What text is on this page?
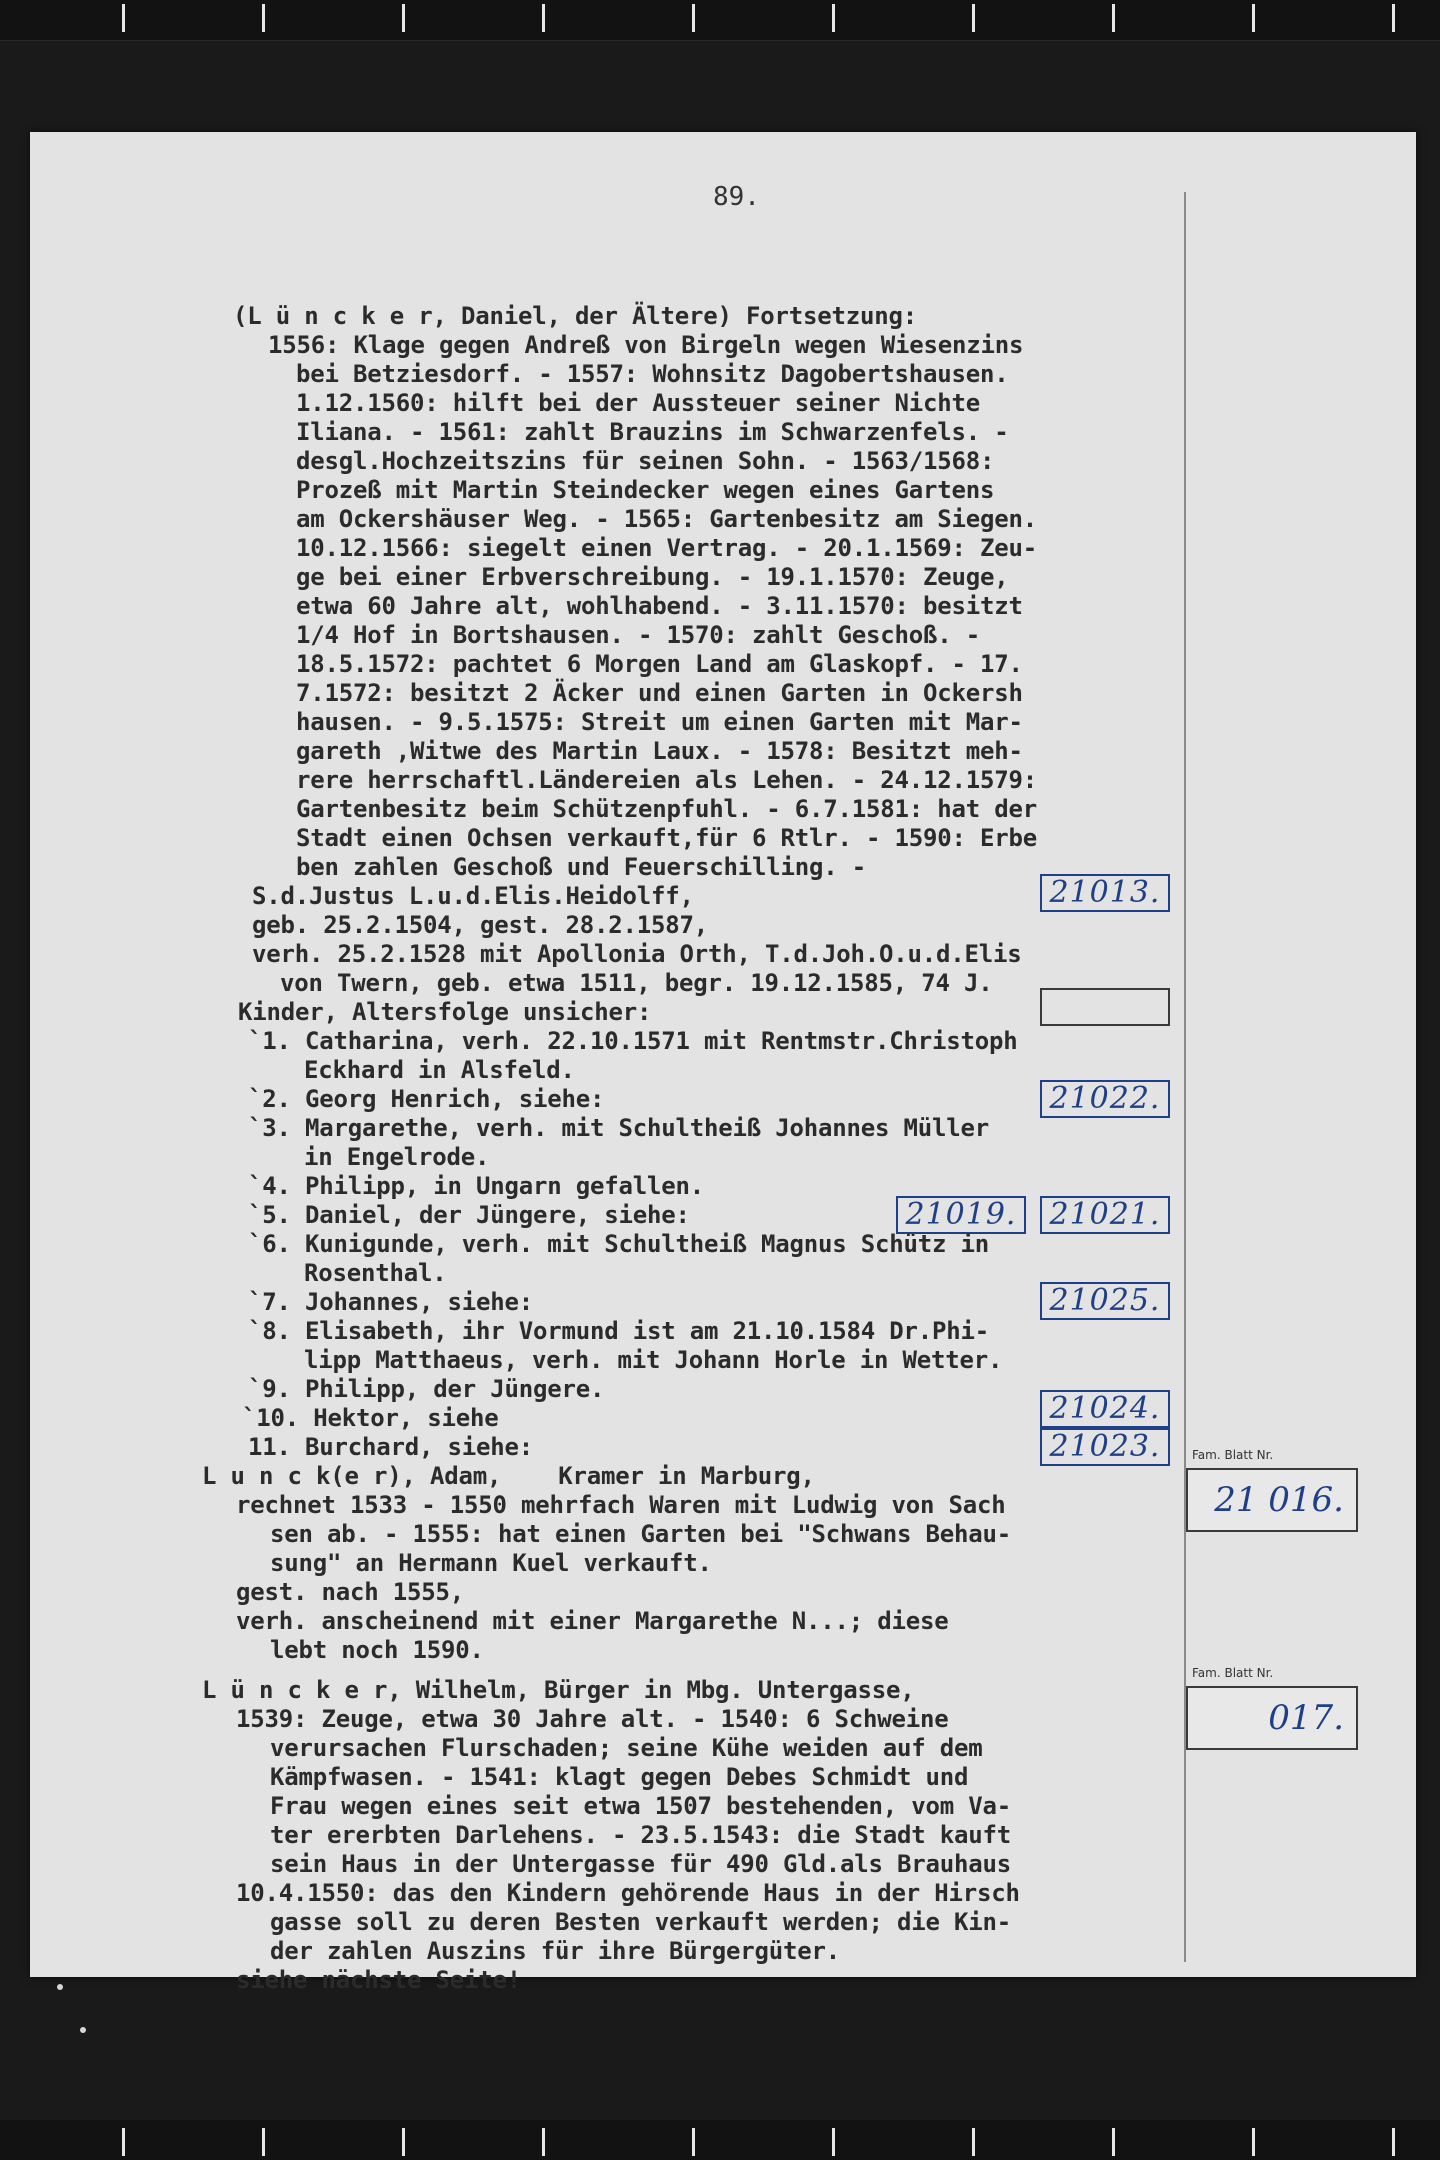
89.
(L ü n c k e r, Daniel, der Ältere) Fortsetzung:
1556: Klage gegen Andreß von Birgeln wegen Wiesenzins
bei Betziesdorf. - 1557: Wohnsitz Dagobertshausen.
1.12.1560: hilft bei der Aussteuer seiner Nichte
Iliana. - 1561: zahlt Brauzins im Schwarzenfels. -
desgl.Hochzeitszins für seinen Sohn. - 1563/1568:
Prozeß mit Martin Steindecker wegen eines Gartens
am Ockershäuser Weg. - 1565: Gartenbesitz am Siegen.
10.12.1566: siegelt einen Vertrag. - 20.1.1569: Zeu-
ge bei einer Erbverschreibung. - 19.1.1570: Zeuge,
etwa 60 Jahre alt, wohlhabend. - 3.11.1570: besitzt
1/4 Hof in Bortshausen. - 1570: zahlt Geschoß. -
18.5.1572: pachtet 6 Morgen Land am Glaskopf. - 17.
7.1572: besitzt 2 Äcker und einen Garten in Ockersh
hausen. - 9.5.1575: Streit um einen Garten mit Mar-
gareth ,Witwe des Martin Laux. - 1578: Besitzt meh-
rere herrschaftl.Ländereien als Lehen. - 24.12.1579:
Gartenbesitz beim Schützenpfuhl. - 6.7.1581: hat der
Stadt einen Ochsen verkauft,für 6 Rtlr. - 1590: Erbe
ben zahlen Geschoß und Feuerschilling. -
S.d.Justus L.u.d.Elis.Heidolff,
geb. 25.2.1504, gest. 28.2.1587,
verh. 25.2.1528 mit Apollonia Orth, T.d.Joh.O.u.d.Elis
von Twern, geb. etwa 1511, begr. 19.12.1585, 74 J.
Kinder, Altersfolge unsicher:
`1. Catharina, verh. 22.10.1571 mit Rentmstr.Christoph
Eckhard in Alsfeld.
`2. Georg Henrich, siehe:
`3. Margarethe, verh. mit Schultheiß Johannes Müller
in Engelrode.
`4. Philipp, in Ungarn gefallen.
`5. Daniel, der Jüngere, siehe:
`6. Kunigunde, verh. mit Schultheiß Magnus Schütz in
Rosenthal.
`7. Johannes, siehe:
`8. Elisabeth, ihr Vormund ist am 21.10.1584 Dr.Phi-
lipp Matthaeus, verh. mit Johann Horle in Wetter.
`9. Philipp, der Jüngere.
`10. Hektor, siehe
11. Burchard, siehe:
L u n c k(e r), Adam,    Kramer in Marburg,
rechnet 1533 - 1550 mehrfach Waren mit Ludwig von Sach
sen ab. - 1555: hat einen Garten bei "Schwans Behau-
sung" an Hermann Kuel verkauft.
gest. nach 1555,
verh. anscheinend mit einer Margarethe N...; diese
lebt noch 1590.
L ü n c k e r, Wilhelm, Bürger in Mbg. Untergasse,
1539: Zeuge, etwa 30 Jahre alt. - 1540: 6 Schweine
verursachen Flurschaden; seine Kühe weiden auf dem
Kämpfwasen. - 1541: klagt gegen Debes Schmidt und
Frau wegen eines seit etwa 1507 bestehenden, vom Va-
ter ererbten Darlehens. - 23.5.1543: die Stadt kauft
sein Haus in der Untergasse für 490 Gld.als Brauhaus
10.4.1550: das den Kindern gehörende Haus in der Hirsch
gasse soll zu deren Besten verkauft werden; die Kin-
der zahlen Auszins für ihre Bürgergüter.
siehe nächste Seite!
21013.
21022.
21019.	21021.
21025.
21024.
21023.	Fam. Blatt Nr.
21 016.
Fam. Blatt Nr.
017.
